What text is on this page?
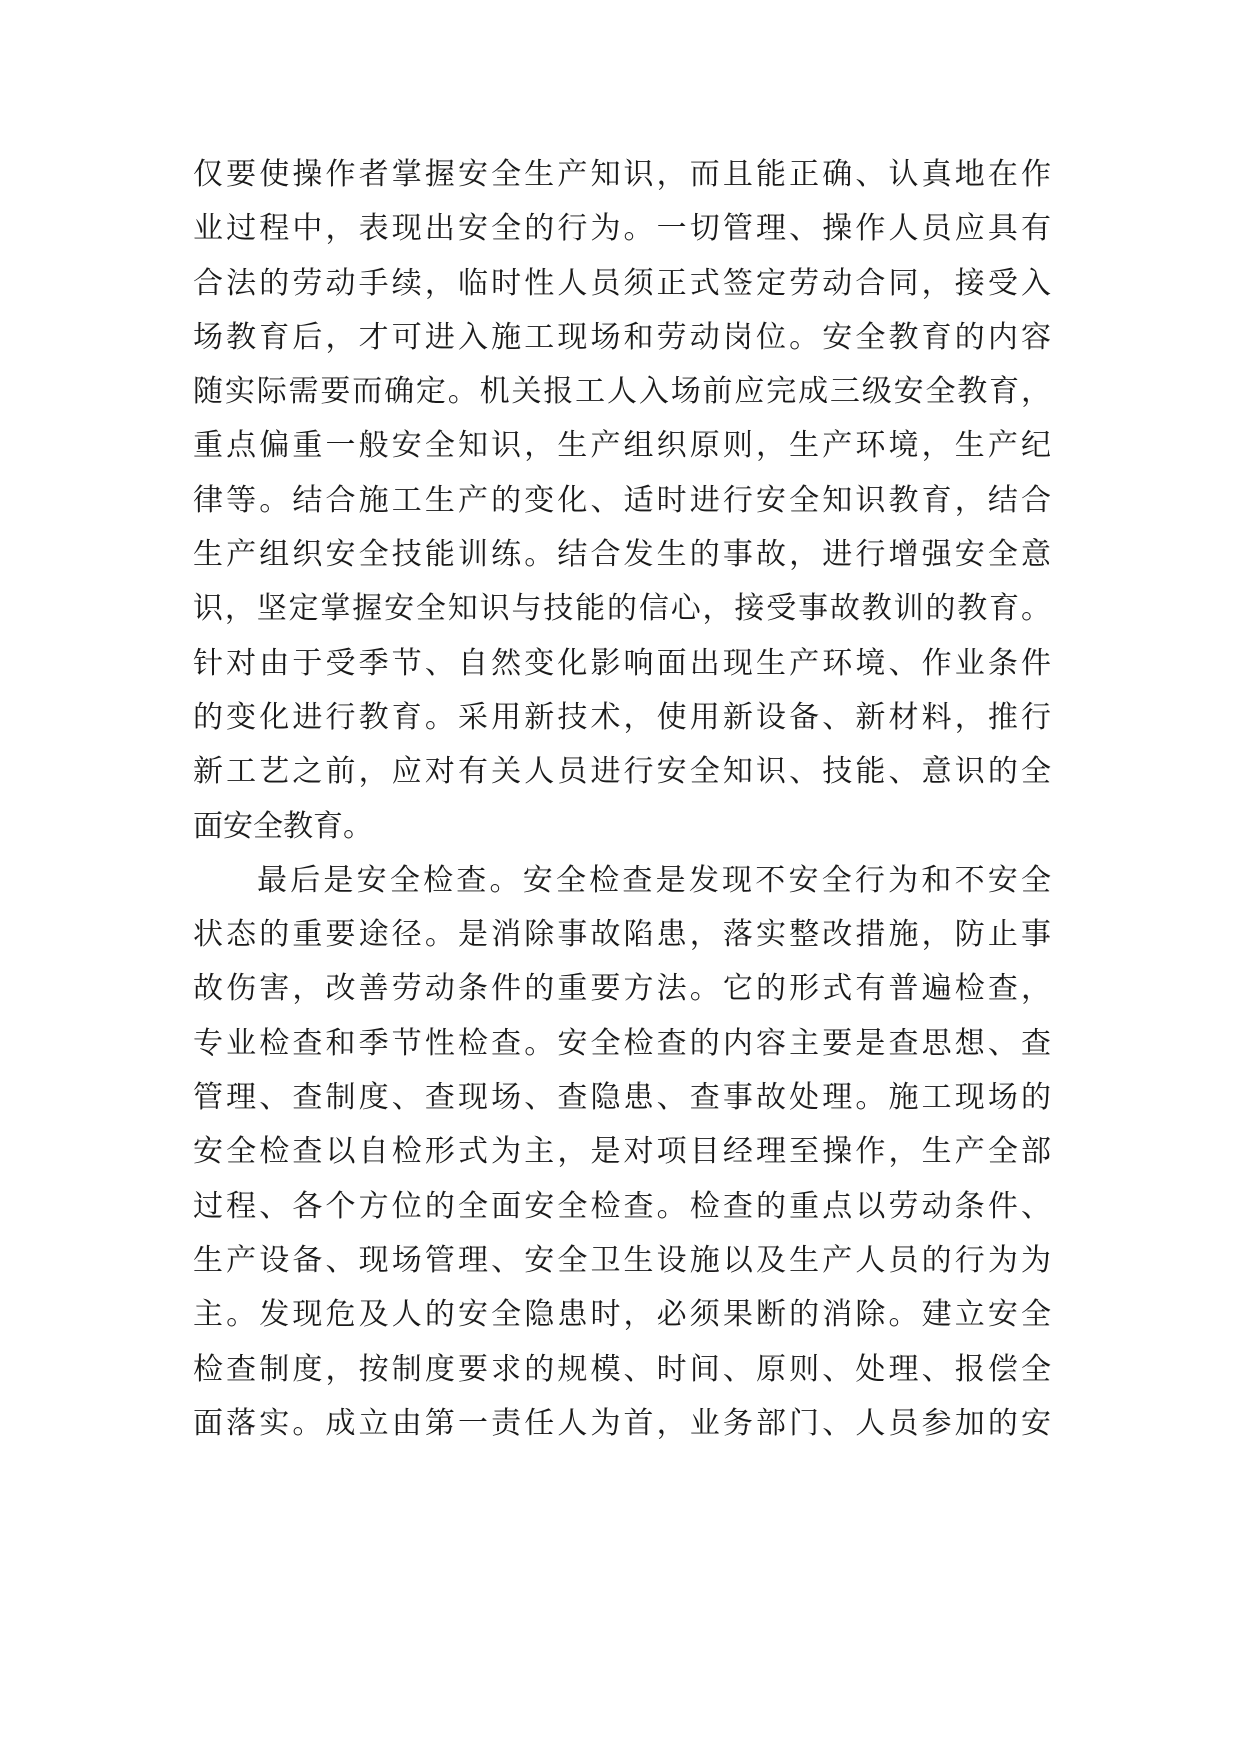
仅要使操作者掌握安全生产知识，而且能正确、认真地在作
业过程中，表现出安全的行为。一切管理、操作人员应具有
合法的劳动手续，临时性人员须正式签定劳动合同，接受入
场教育后，才可进入施工现场和劳动岗位。安全教育的内容
随实际需要而确定。机关报工人入场前应完成三级安全教育，
重点偏重一般安全知识，生产组织原则，生产环境，生产纪
律等。结合施工生产的变化、适时进行安全知识教育，结合
生产组织安全技能训练。结合发生的事故，进行增强安全意
识，坚定掌握安全知识与技能的信心，接受事故教训的教育。
针对由于受季节、自然变化影响面出现生产环境、作业条件
的变化进行教育。采用新技术，使用新设备、新材料，推行
新工艺之前，应对有关人员进行安全知识、技能、意识的全
面安全教育。
最后是安全检查。安全检查是发现不安全行为和不安全
状态的重要途径。是消除事故陷患，落实整改措施，防止事
故伤害，改善劳动条件的重要方法。它的形式有普遍检查，
专业检查和季节性检查。安全检查的内容主要是查思想、查
管理、查制度、查现场、查隐患、查事故处理。施工现场的
安全检查以自检形式为主，是对项目经理至操作，生产全部
过程、各个方位的全面安全检查。检查的重点以劳动条件、
生产设备、现场管理、安全卫生设施以及生产人员的行为为
主。发现危及人的安全隐患时，必须果断的消除。建立安全
检查制度，按制度要求的规模、时间、原则、处理、报偿全
面落实。成立由第一责任人为首，业务部门、人员参加的安
